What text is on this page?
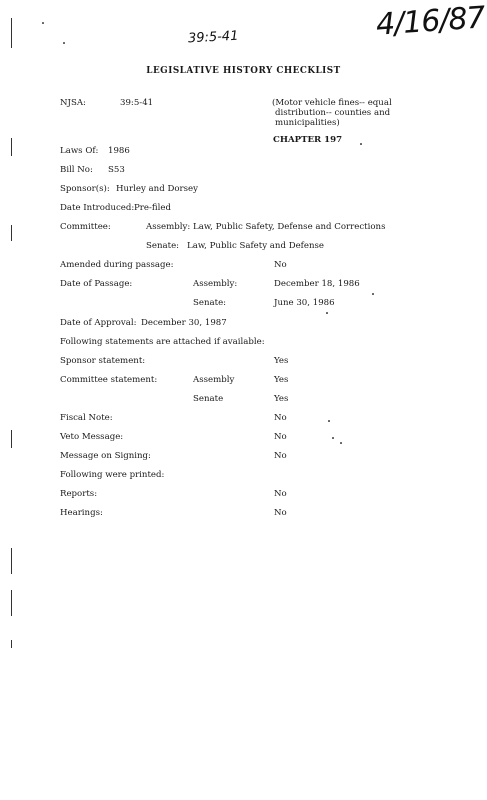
4/16/87
39:5-41
LEGISLATIVE HISTORY CHECKLIST
NJSA:	39:5-41	(Motor vehicle fines-- equal
distribution-- counties and
municipalities)
CHAPTER 197
Laws Of: 1986
Bill No: S53
Sponsor(s): Hurley and Dorsey
Date Introduced: Pre-filed
Committee:	Assembly: Law, Public Safety, Defense and Corrections
Senate: Law, Public Safety and Defense
Amended during passage:	No
Date of Passage:	Assembly:	December 18, 1986
Senate:	June 30, 1986
Date of Approval: December 30, 1987
Following statements are attached if available:
Sponsor statement:	Yes
Committee statement:	Assembly	Yes
Senate	Yes
Fiscal Note:	No
Veto Message:	No
Message on Signing:	No
Following were printed:
Reports:	No
Hearings:	No
